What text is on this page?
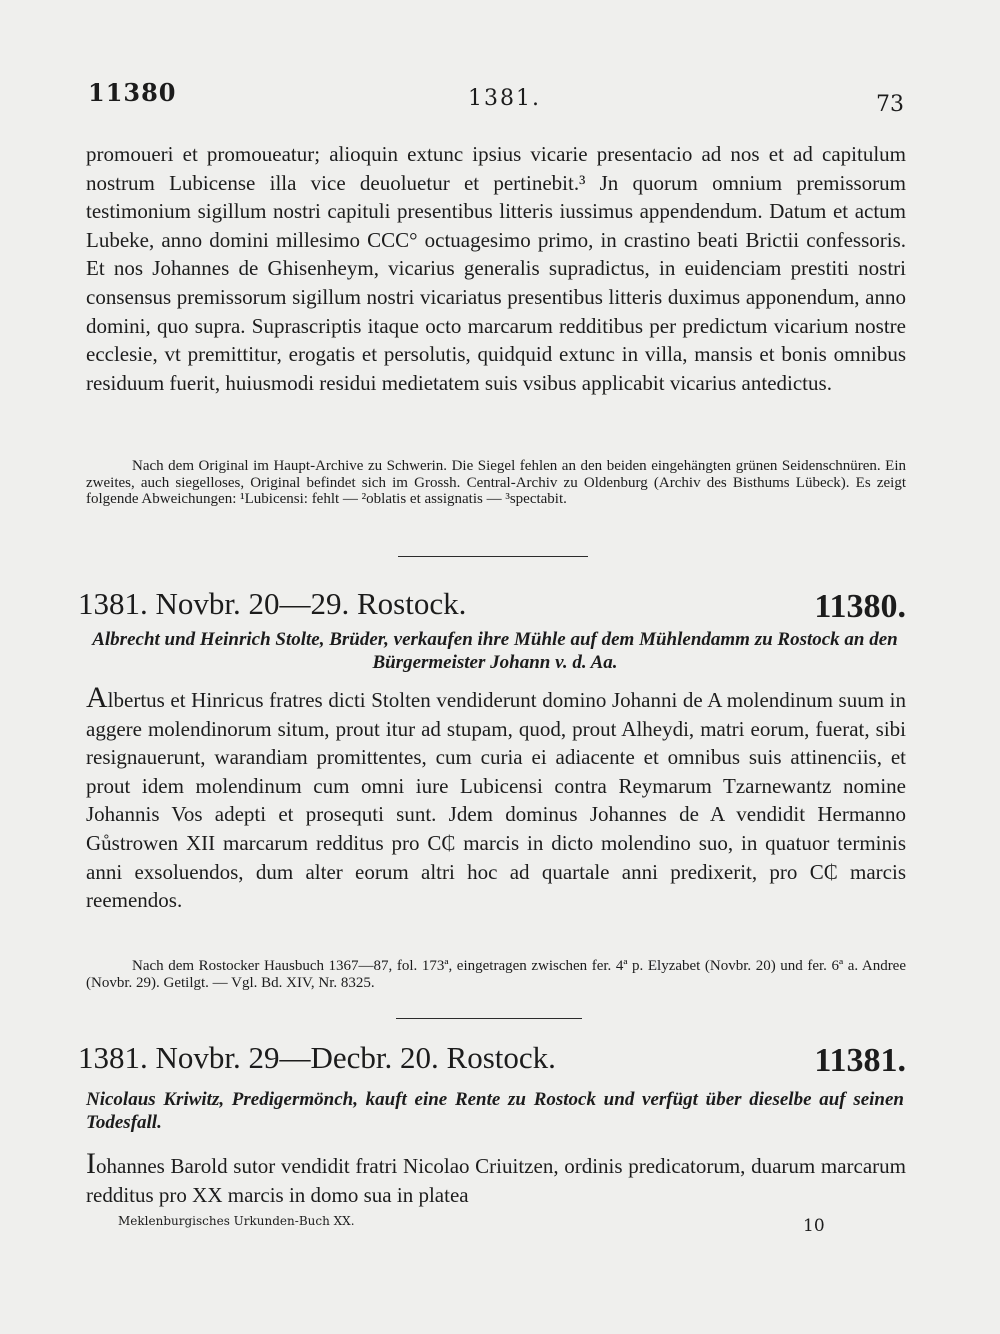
11380	1381.	73

promoueri et promoueatur; alioquin extunc ipsius vicarie presentacio ad nos et ad capitulum nostrum Lubicense illa vice deuoluetur et pertinebit.³ Jn quorum omnium premissorum testimonium sigillum nostri capituli presentibus litteris iussimus appendendum. Datum et actum Lubeke, anno domini millesimo CCC° octuagesimo primo, in crastino beati Brictii confessoris. Et nos Johannes de Ghisenheym, vicarius generalis supradictus, in euidenciam prestiti nostri consensus premissorum sigillum nostri vicariatus presentibus litteris duximus apponendum, anno domini, quo supra. Suprascriptis itaque octo marcarum redditibus per predictum vicarium nostre ecclesie, vt premittitur, erogatis et persolutis, quidquid extunc in villa, mansis et bonis omnibus residuum fuerit, huiusmodi residui medietatem suis vsibus applicabit vicarius antedictus.

Nach dem Original im Haupt-Archive zu Schwerin. Die Siegel fehlen an den beiden eingehängten grünen Seidenschnüren. Ein zweites, auch siegelloses, Original befindet sich im Grossh. Central-Archiv zu Oldenburg (Archiv des Bisthums Lübeck). Es zeigt folgende Abweichungen: ¹Lubicensi: fehlt — ²oblatis et assignatis — ³spectabit.

1381. Novbr. 20—29. Rostock.	11380.
Albrecht und Heinrich Stolte, Brüder, verkaufen ihre Mühle auf dem Mühlendamm zu Rostock an den Bürgermeister Johann v. d. Aa.

Albertus et Hinricus fratres dicti Stolten vendiderunt domino Johanni de A molendinum suum in aggere molendinorum situm, prout itur ad stupam, quod, prout Alheydi, matri eorum, fuerat, sibi resignauerunt, warandiam promittentes, cum curia ei adiacente et omnibus suis attinenciis, et prout idem molendinum cum omni iure Lubicensi contra Reymarum Tzarnewantz nomine Johannis Vos adepti et prosequti sunt. Jdem dominus Johannes de A vendidit Hermanno Gůstrowen XII marcarum redditus pro C₵ marcis in dicto molendino suo, in quatuor terminis anni exsoluendos, dum alter eorum altri hoc ad quartale anni predixerit, pro C₵ marcis reemendos.

Nach dem Rostocker Hausbuch 1367—87, fol. 173ª, eingetragen zwischen fer. 4ª p. Elyzabet (Novbr. 20) und fer. 6ª a. Andree (Novbr. 29). Getilgt. — Vgl. Bd. XIV, Nr. 8325.

1381. Novbr. 29—Decbr. 20. Rostock.	11381.
Nicolaus Kriwitz, Predigermönch, kauft eine Rente zu Rostock und verfügt über dieselbe auf seinen Todesfall.

Iohannes Barold sutor vendidit fratri Nicolao Criuitzen, ordinis predicatorum, duarum marcarum redditus pro XX marcis in domo sua in platea

Meklenburgisches Urkunden-Buch XX.	10
